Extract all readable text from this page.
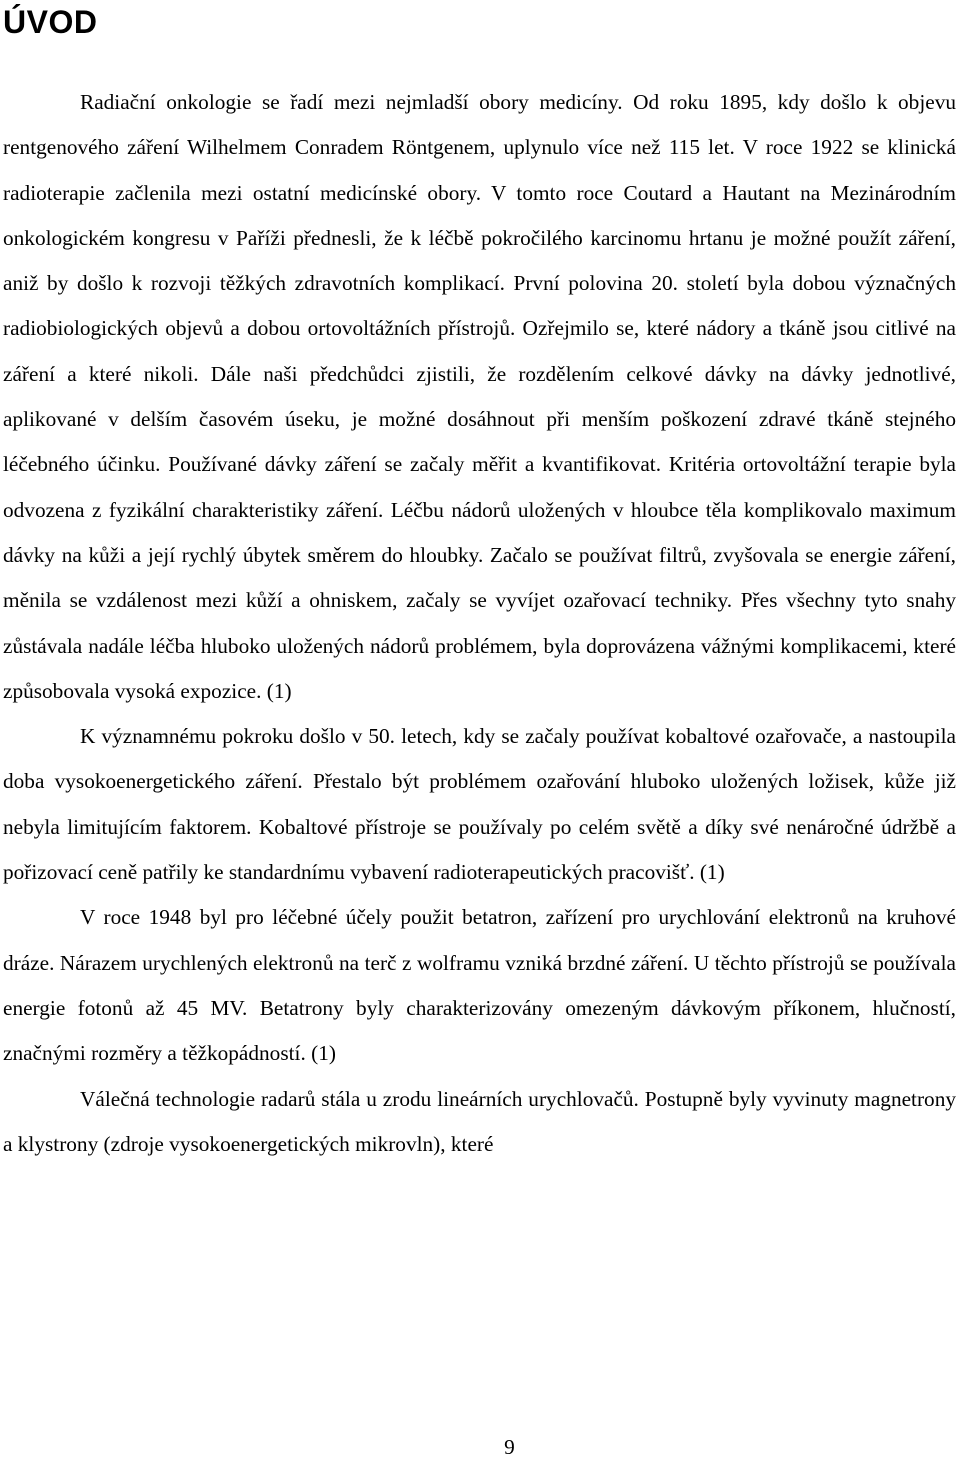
ÚVOD

Radiační onkologie se řadí mezi nejmladší obory medicíny. Od roku 1895, kdy došlo k objevu rentgenového záření Wilhelmem Conradem Röntgenem, uplynulo více než 115 let. V roce 1922 se klinická radioterapie začlenila mezi ostatní medicínské obory. V tomto roce Coutard a Hautant na Mezinárodním onkologickém kongresu v Paříži přednesli, že k léčbě pokročilého karcinomu hrtanu je možné použít záření, aniž by došlo k rozvoji těžkých zdravotních komplikací. První polovina 20. století byla dobou význačných radiobiologických objevů a dobou ortovoltážních přístrojů. Ozřejmilo se, které nádory a tkáně jsou citlivé na záření a které nikoli. Dále naši předchůdci zjistili, že rozdělením celkové dávky na dávky jednotlivé, aplikované v delším časovém úseku, je možné dosáhnout při menším poškození zdravé tkáně stejného léčebného účinku. Používané dávky záření se začaly měřit a kvantifikovat. Kritéria ortovoltážní terapie byla odvozena z fyzikální charakteristiky záření. Léčbu nádorů uložených v hloubce těla komplikovalo maximum dávky na kůži a její rychlý úbytek směrem do hloubky. Začalo se používat filtrů, zvyšovala se energie záření, měnila se vzdálenost mezi kůží a ohniskem, začaly se vyvíjet ozařovací techniky. Přes všechny tyto snahy zůstávala nadále léčba hluboko uložených nádorů problémem, byla doprovázena vážnými komplikacemi, které způsobovala vysoká expozice. (1)

K významnému pokroku došlo v 50. letech, kdy se začaly používat kobaltové ozařovače, a nastoupila doba vysokoenergetického záření. Přestalo být problémem ozařování hluboko uložených ložisek, kůže již nebyla limitujícím faktorem. Kobaltové přístroje se používaly po celém světě a díky své nenáročné údržbě a pořizovací ceně patřily ke standardnímu vybavení radioterapeutických pracovišť. (1)

V roce 1948 byl pro léčebné účely použit betatron, zařízení pro urychlování elektronů na kruhové dráze. Nárazem urychlených elektronů na terč z wolframu vzniká brzdné záření. U těchto přístrojů se používala energie fotonů až 45 MV. Betatrony byly charakterizovány omezeným dávkovým příkonem, hlučností, značnými rozměry a těžkopádností. (1)

Válečná technologie radarů stála u zrodu lineárních urychlovačů. Postupně byly vyvinuty magnetrony a klystrony (zdroje vysokoenergetických mikrovln), které

9
